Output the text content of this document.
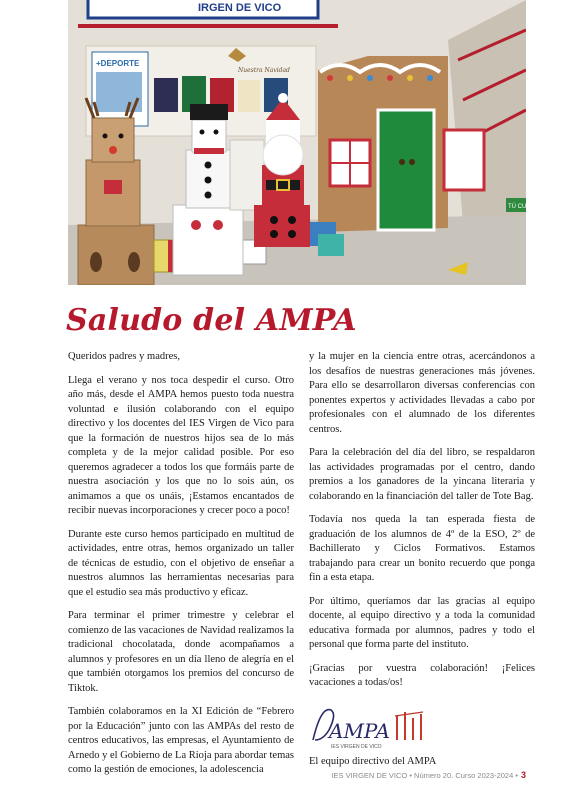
IRGEN DE VICO
+DEPORTE
Nuestra Navidad
TÚ CU
Saludo del AMPA

Queridos padres y madres,

Llega el verano y nos toca despedir el curso. Otro año más, desde el AMPA hemos puesto toda nuestra voluntad e ilusión colaborando con el equipo directivo y los docentes del IES Virgen de Vico para que la formación de nuestros hijos sea de lo más completa y de la mejor calidad posible. Por eso queremos agradecer a todos los que formáis parte de nuestra asociación y los que no lo sois aún, os animamos a que os unáis, ¡Estamos encantados de recibir nuevas incorporaciones y crecer poco a poco!

Durante este curso hemos participado en multitud de actividades, entre otras, hemos organizado un taller de técnicas de estudio, con el objetivo de enseñar a nuestros alumnos las herramientas necesarias para que el estudio sea más productivo y eficaz.

Para terminar el primer trimestre y celebrar el comienzo de las vacaciones de Navidad realizamos la tradicional chocolatada, donde acompañamos a alumnos y profesores en un día lleno de alegría en el que también otorgamos los premios del concurso de Tiktok.

También colaboramos en la XI Edición de “Febrero por la Educación” junto con las AMPAs del resto de centros educativos, las empresas, el Ayuntamiento de Arnedo y el Gobierno de La Rioja para abordar temas como la gestión de emociones, la adolescencia

y la mujer en la ciencia entre otras, acercándonos a los desafíos de nuestras generaciones más jóvenes. Para ello se desarrollaron diversas conferencias con ponentes expertos y actividades llevadas a cabo por profesionales con el alumnado de los diferentes centros.

Para la celebración del día del libro, se respaldaron las actividades programadas por el centro, dando premios a los ganadores de la yincana literaria y colaborando en la financiación del taller de Tote Bag.

Todavía nos queda la tan esperada fiesta de graduación de los alumnos de 4º de la ESO, 2º de Bachillerato y Ciclos Formativos. Estamos trabajando para crear un bonito recuerdo que ponga fin a esta etapa.

Por último, queríamos dar las gracias al equipo docente, al equipo directivo y a toda la comunidad educativa formada por alumnos, padres y todo el personal que forma parte del instituto.

¡Gracias por vuestra colaboración! ¡Felices vacaciones a todas/os!

AMPA
IES VIRGEN DE VICO
El equipo directivo del AMPA
IES VIRGEN DE VICO • Número 20. Curso 2023-2024 • 3
